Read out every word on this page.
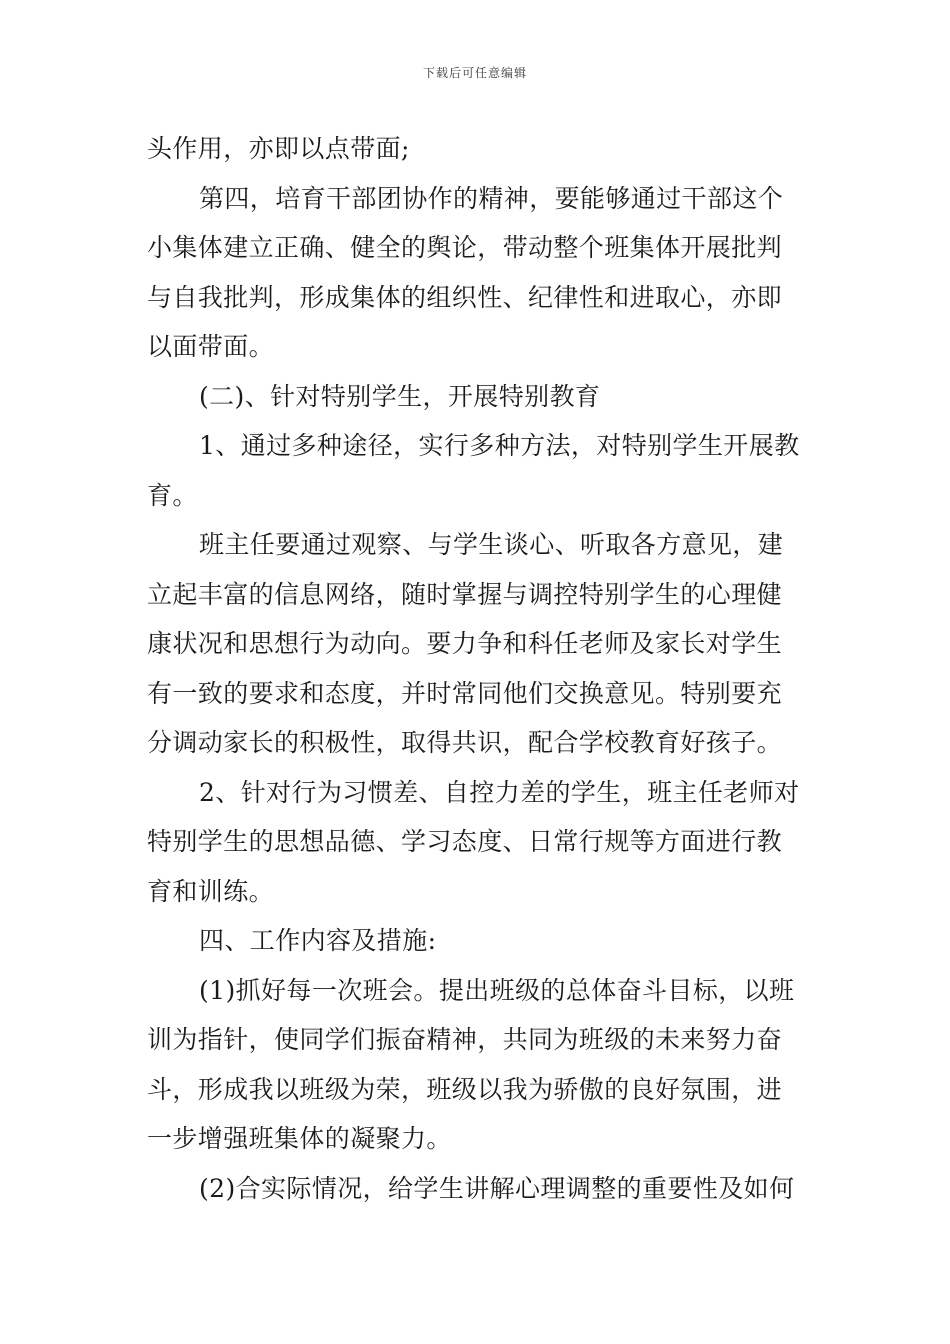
下载后可任意编辑
头作用，亦即以点带面;
第四，培育干部团协作的精神，要能够通过干部这个
小集体建立正确、健全的舆论，带动整个班集体开展批判
与自我批判，形成集体的组织性、纪律性和进取心，亦即
以面带面。
(二)、针对特别学生，开展特别教育
1、通过多种途径，实行多种方法，对特别学生开展教
育。
班主任要通过观察、与学生谈心、听取各方意见，建
立起丰富的信息网络，随时掌握与调控特别学生的心理健
康状况和思想行为动向。要力争和科任老师及家长对学生
有一致的要求和态度，并时常同他们交换意见。特别要充
分调动家长的积极性，取得共识，配合学校教育好孩子。
2、针对行为习惯差、自控力差的学生，班主任老师对
特别学生的思想品德、学习态度、日常行规等方面进行教
育和训练。
四、工作内容及措施:
(1)抓好每一次班会。提出班级的总体奋斗目标，以班
训为指针，使同学们振奋精神，共同为班级的未来努力奋
斗，形成我以班级为荣，班级以我为骄傲的良好氛围，进
一步增强班集体的凝聚力。
(2)合实际情况，给学生讲解心理调整的重要性及如何
